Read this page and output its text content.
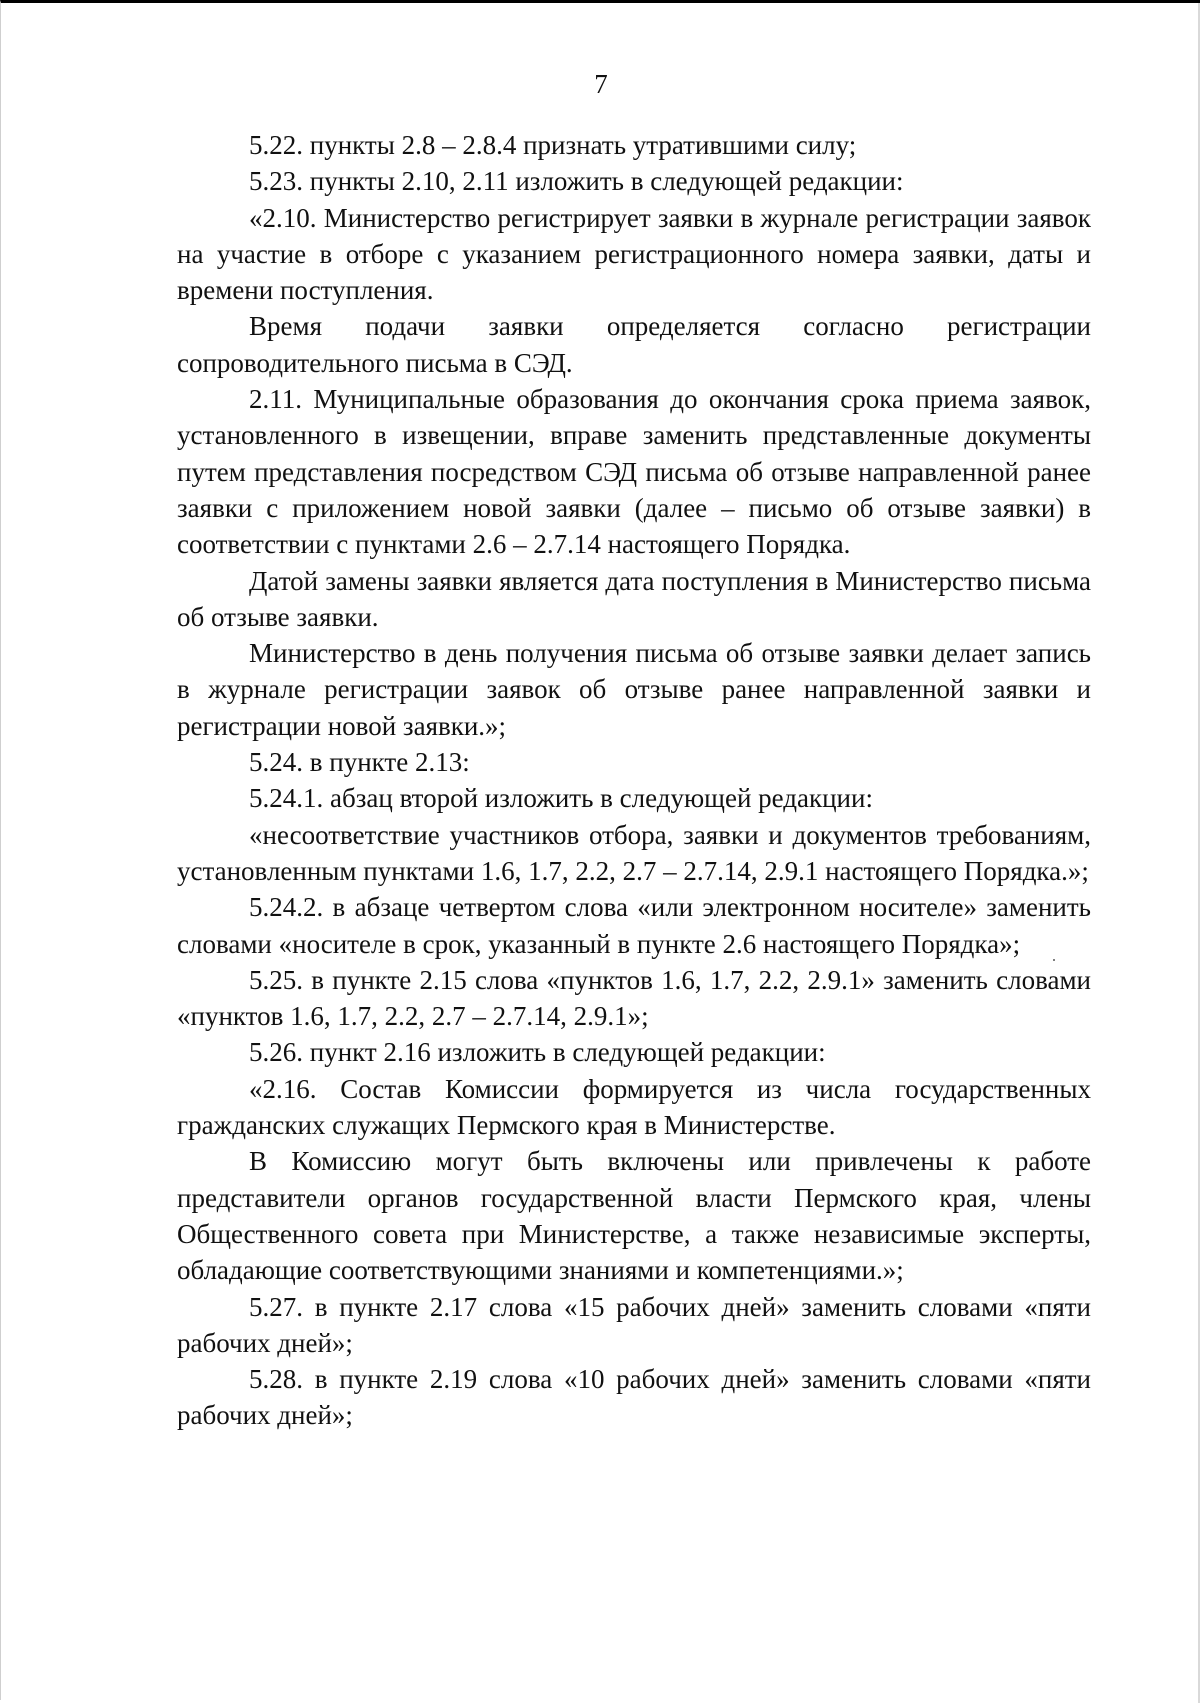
7

5.22. пункты 2.8 – 2.8.4 признать утратившими силу;

5.23. пункты 2.10, 2.11 изложить в следующей редакции:

«2.10. Министерство регистрирует заявки в журнале регистрации заявок на участие в отборе с указанием регистрационного номера заявки, даты и времени поступления.

Время подачи заявки определяется согласно регистрации сопроводительного письма в СЭД.

2.11. Муниципальные образования до окончания срока приема заявок, установленного в извещении, вправе заменить представленные документы путем представления посредством СЭД письма об отзыве направленной ранее заявки с приложением новой заявки (далее – письмо об отзыве заявки) в соответствии с пунктами 2.6 – 2.7.14 настоящего Порядка.

Датой замены заявки является дата поступления в Министерство письма об отзыве заявки.

Министерство в день получения письма об отзыве заявки делает запись в журнале регистрации заявок об отзыве ранее направленной заявки и регистрации новой заявки.»;

5.24. в пункте 2.13:

5.24.1. абзац второй изложить в следующей редакции:

«несоответствие участников отбора, заявки и документов требованиям, установленным пунктами 1.6, 1.7, 2.2, 2.7 – 2.7.14, 2.9.1 настоящего Порядка.»;

5.24.2. в абзаце четвертом слова «или электронном носителе» заменить словами «носителе в срок, указанный в пункте 2.6 настоящего Порядка»;

5.25. в пункте 2.15 слова «пунктов 1.6, 1.7, 2.2, 2.9.1» заменить словами «пунктов 1.6, 1.7, 2.2, 2.7 – 2.7.14, 2.9.1»;

5.26. пункт 2.16 изложить в следующей редакции:

«2.16. Состав Комиссии формируется из числа государственных гражданских служащих Пермского края в Министерстве.

В Комиссию могут быть включены или привлечены к работе представители органов государственной власти Пермского края, члены Общественного совета при Министерстве, а также независимые эксперты, обладающие соответствующими знаниями и компетенциями.»;

5.27. в пункте 2.17 слова «15 рабочих дней» заменить словами «пяти рабочих дней»;

5.28. в пункте 2.19 слова «10 рабочих дней» заменить словами «пяти рабочих дней»;
